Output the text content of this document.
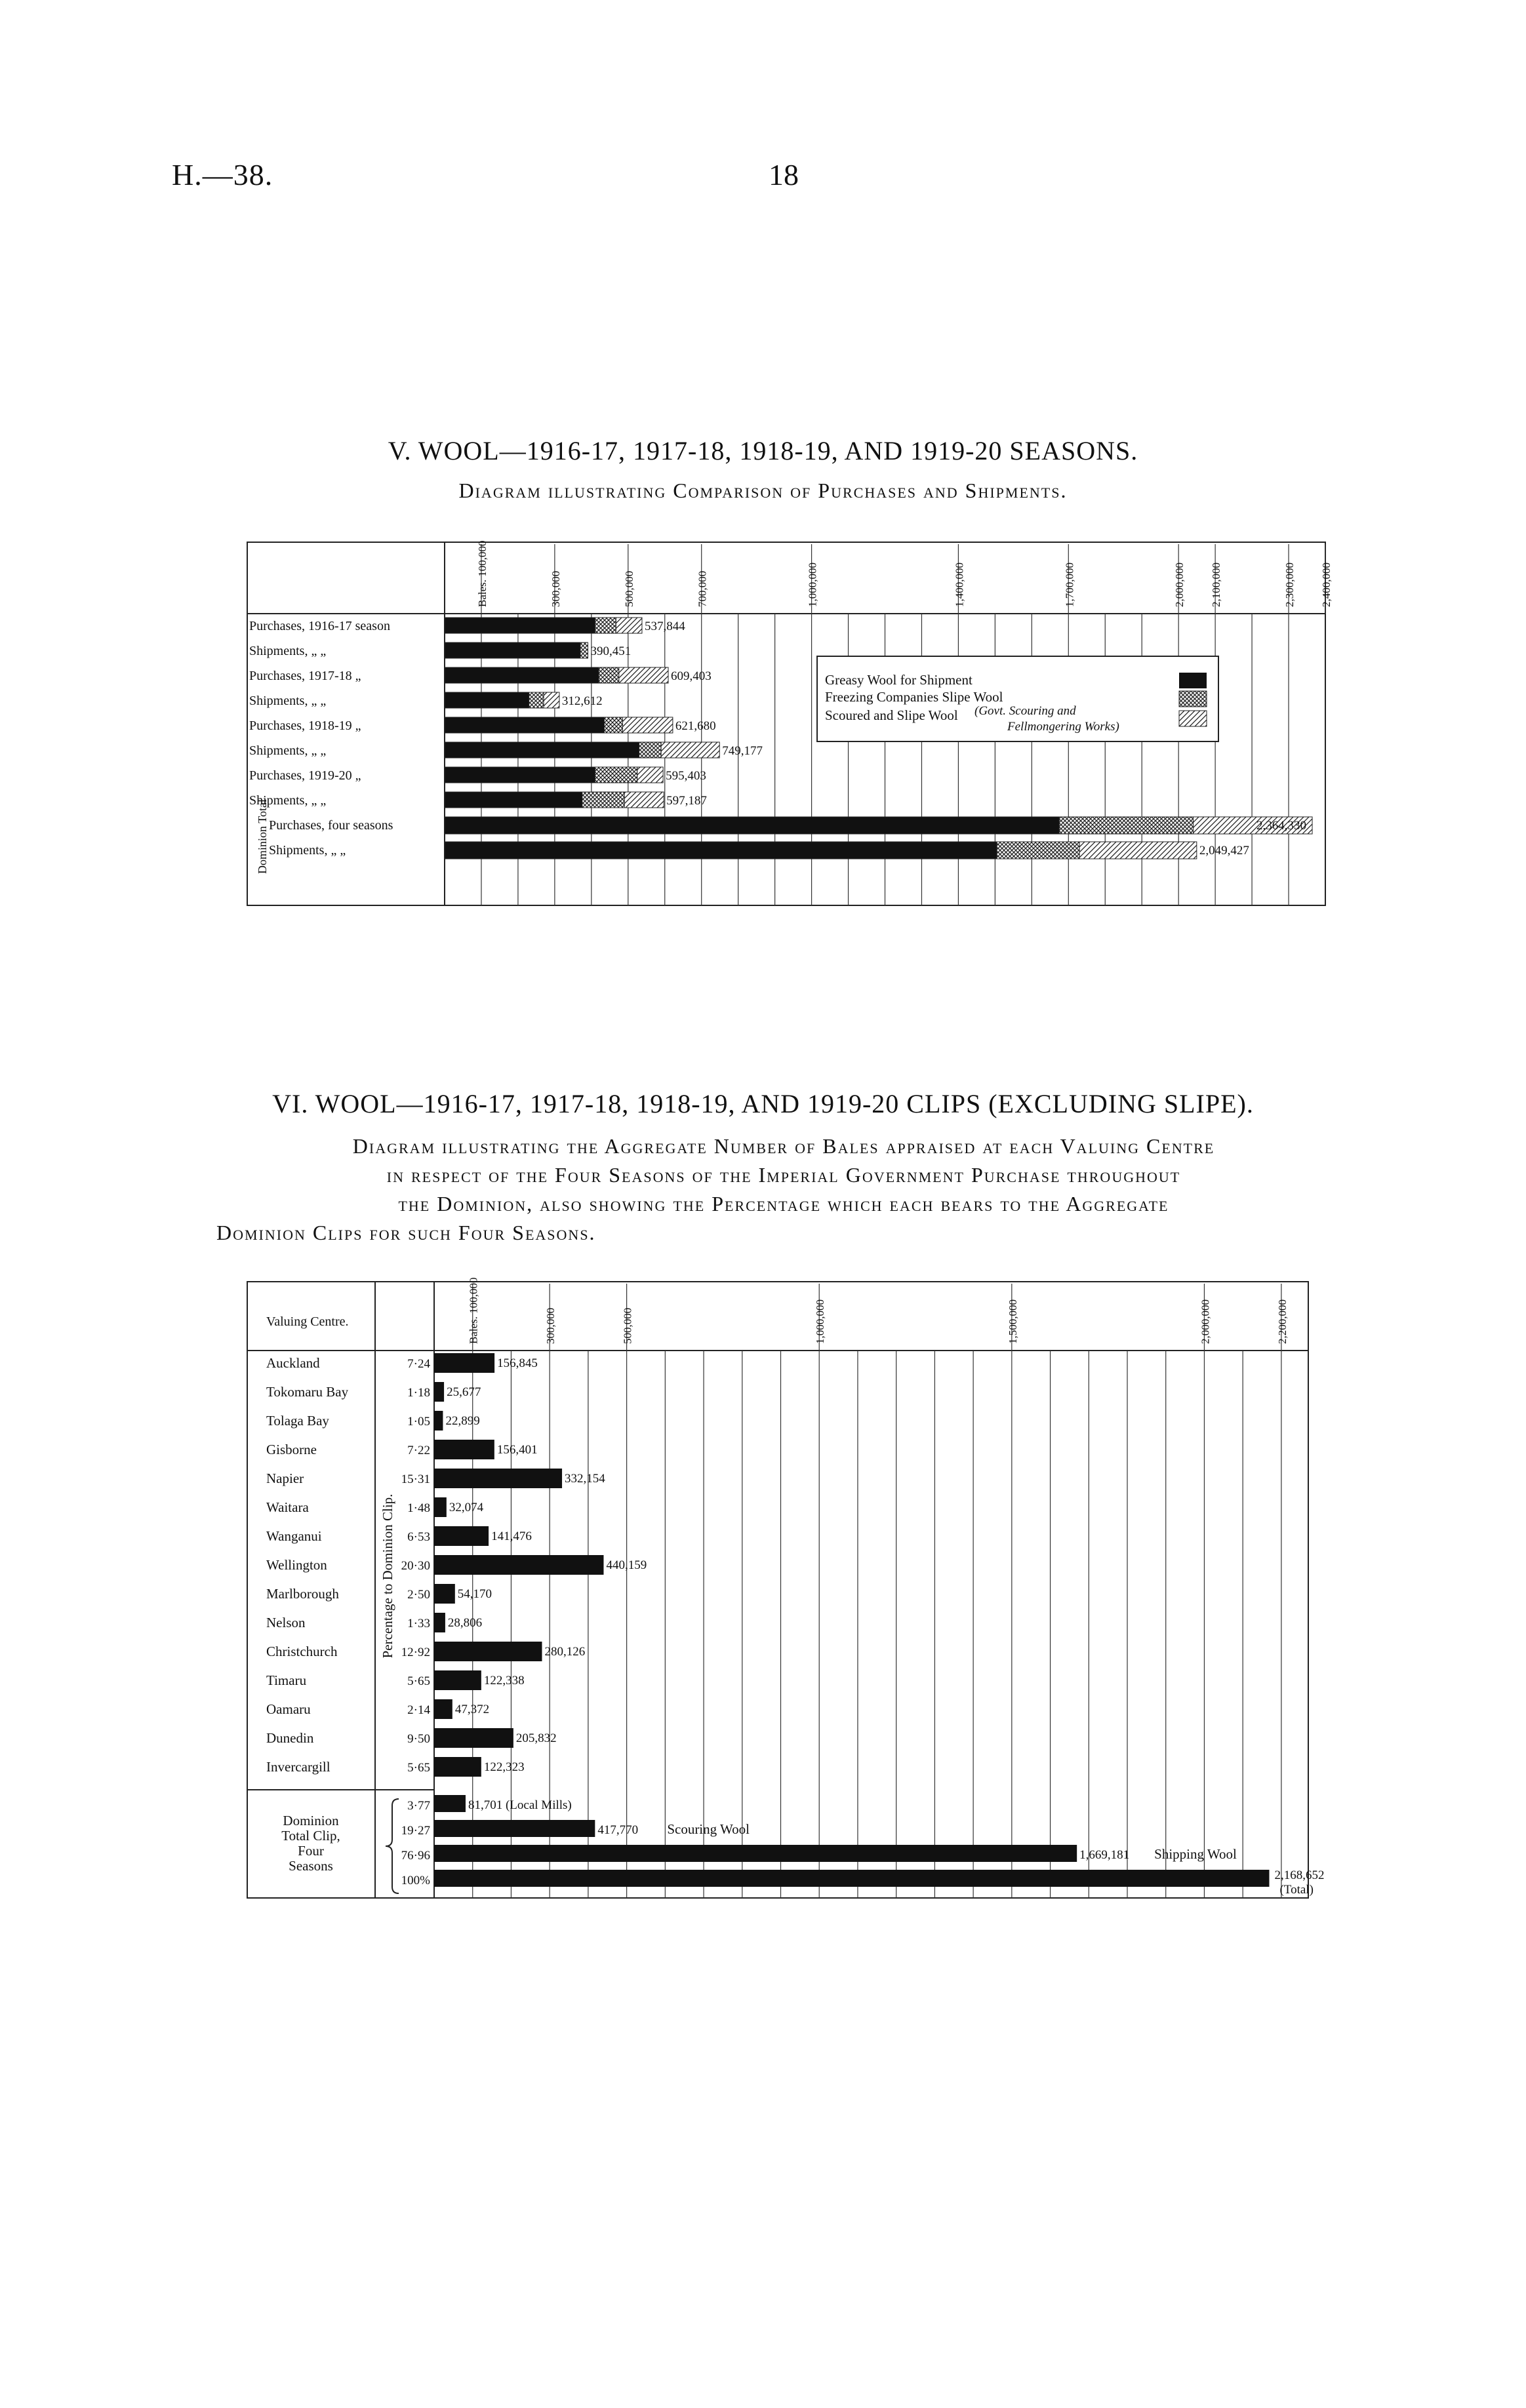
H.—38.	18
V. WOOL—1916-17, 1917-18, 1918-19, AND 1919-20 SEASONS.
Diagram illustrating Comparison of Purchases and Shipments.
Bales. 100,000	300,000	500,000	700,000	1,000,000	1,400,000	1,700,000	2,000,000 2,100,000	2,300,000 2,400,000
Purchases, 1916-17 season
Shipments, „ „
Purchases, 1917-18 „
Shipments, „ „
Purchases, 1918-19 „
Shipments, „ „
Purchases, 1919-20 „
Shipments, „ „
Purchases, four seasons
Shipments, „ „
537,844
390,451
609,403
312,612
621,680
749,177
595,403
597,187
2,364,330
2,049,427
Dominion Total
Greasy Wool for Shipment
Freezing Companies Slipe Wool
Scoured and Slipe Wool (Govt. Scouring and
Fellmongering Works)
VI. WOOL—1916-17, 1917-18, 1918-19, AND 1919-20 CLIPS (EXCLUDING SLIPE).
Diagram illustrating the Aggregate Number of Bales appraised at each Valuing Centre
in respect of the Four Seasons of the Imperial Government Purchase throughout
the Dominion, also showing the Percentage which each bears to the Aggregate
Dominion Clips for such Four Seasons.
Valuing Centre.
Percentage to Dominion Clip.
Dominion
Total Clip,
Four
Seasons
Bales. 100,000	300,000	500,000	1,000,000	1,500,000	2,000,000	2,200,000
Auckland	7·24	156,845
Tokomaru Bay	1·18 25,677
Tolaga Bay	1·05 22,899
Gisborne	7·22	156,401
Napier	15·31	332,154
Waitara	1·48 32,074
Wanganui	6·53	141,476
Wellington	20·30	440,159
Marlborough	2·50 54,170
Nelson	1·33 28,806
Christchurch	12·92	280,126
Timaru	5·65	122,338
Oamaru	2·14 47,372
Dunedin	9·50	205,832
Invercargill	5·65	122,323
3·77	81,701 (Local Mills)
19·27	417,770 Scouring Wool
76·96	1,669,181 Shipping Wool
100%	2,168,652
(Total)
